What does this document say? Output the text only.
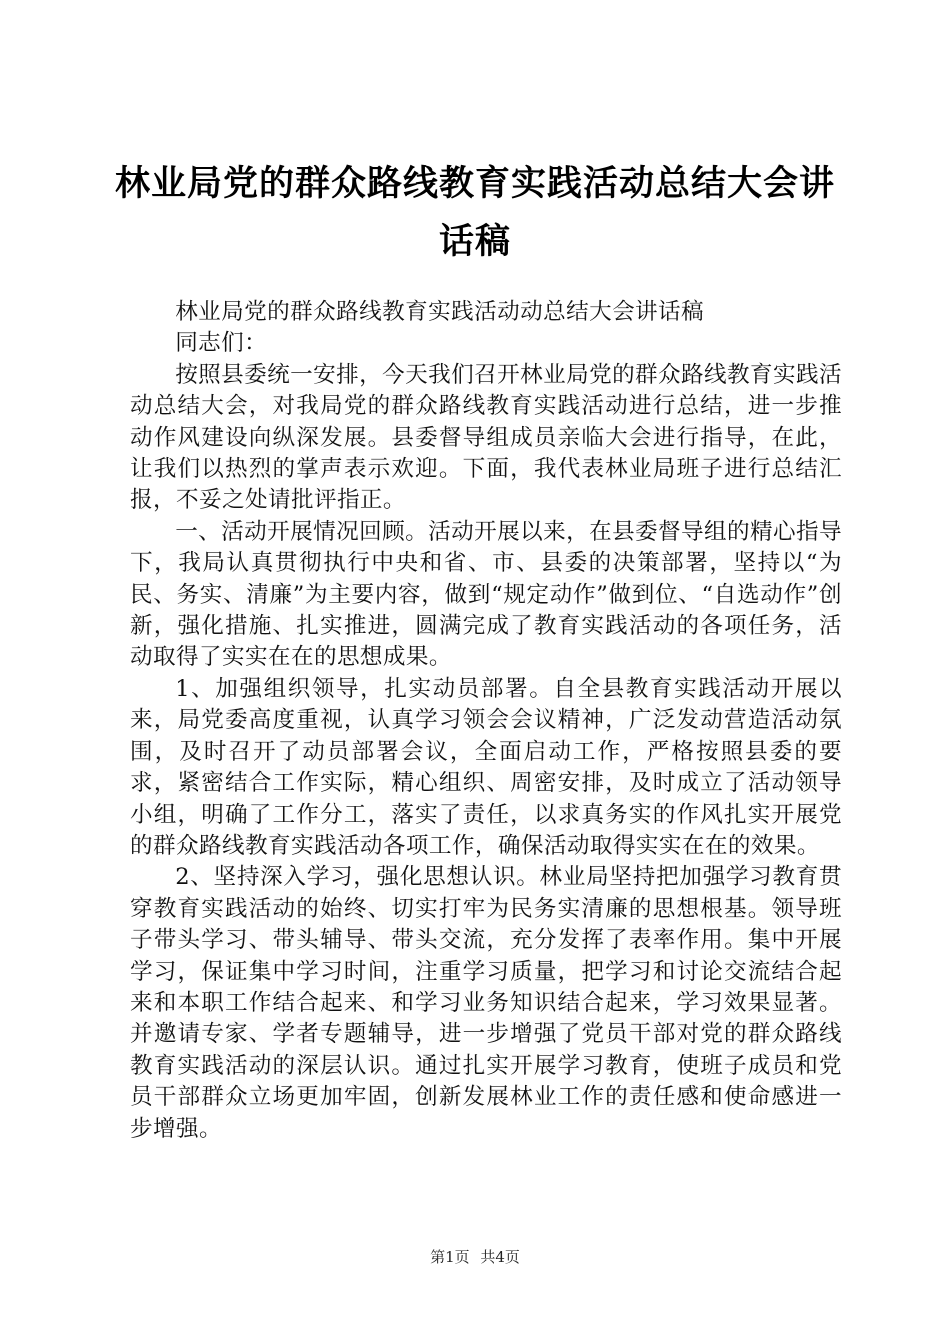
林业局党的群众路线教育实践活动总结大会讲话稿

林业局党的群众路线教育实践活动动总结大会讲话稿

同志们：

按照县委统一安排，今天我们召开林业局党的群众路线教育实践活动总结大会，对我局党的群众路线教育实践活动进行总结，进一步推动作风建设向纵深发展。县委督导组成员亲临大会进行指导，在此，让我们以热烈的掌声表示欢迎。下面，我代表林业局班子进行总结汇报，不妥之处请批评指正。

一、活动开展情况回顾。活动开展以来，在县委督导组的精心指导下，我局认真贯彻执行中央和省、市、县委的决策部署，坚持以“为民、务实、清廉”为主要内容，做到“规定动作”做到位、“自选动作”创新，强化措施、扎实推进，圆满完成了教育实践活动的各项任务，活动取得了实实在在的思想成果。

1、加强组织领导，扎实动员部署。自全县教育实践活动开展以来，局党委高度重视，认真学习领会会议精神，广泛发动营造活动氛围，及时召开了动员部署会议，全面启动工作，严格按照县委的要求，紧密结合工作实际，精心组织、周密安排，及时成立了活动领导小组，明确了工作分工，落实了责任，以求真务实的作风扎实开展党的群众路线教育实践活动各项工作，确保活动取得实实在在的效果。

2、坚持深入学习，强化思想认识。林业局坚持把加强学习教育贯穿教育实践活动的始终、切实打牢为民务实清廉的思想根基。领导班子带头学习、带头辅导、带头交流，充分发挥了表率作用。集中开展学习，保证集中学习时间，注重学习质量，把学习和讨论交流结合起来和本职工作结合起来、和学习业务知识结合起来，学习效果显著。并邀请专家、学者专题辅导，进一步增强了党员干部对党的群众路线教育实践活动的深层认识。通过扎实开展学习教育，使班子成员和党员干部群众立场更加牢固，创新发展林业工作的责任感和使命感进一步增强。

第1页 共4页
